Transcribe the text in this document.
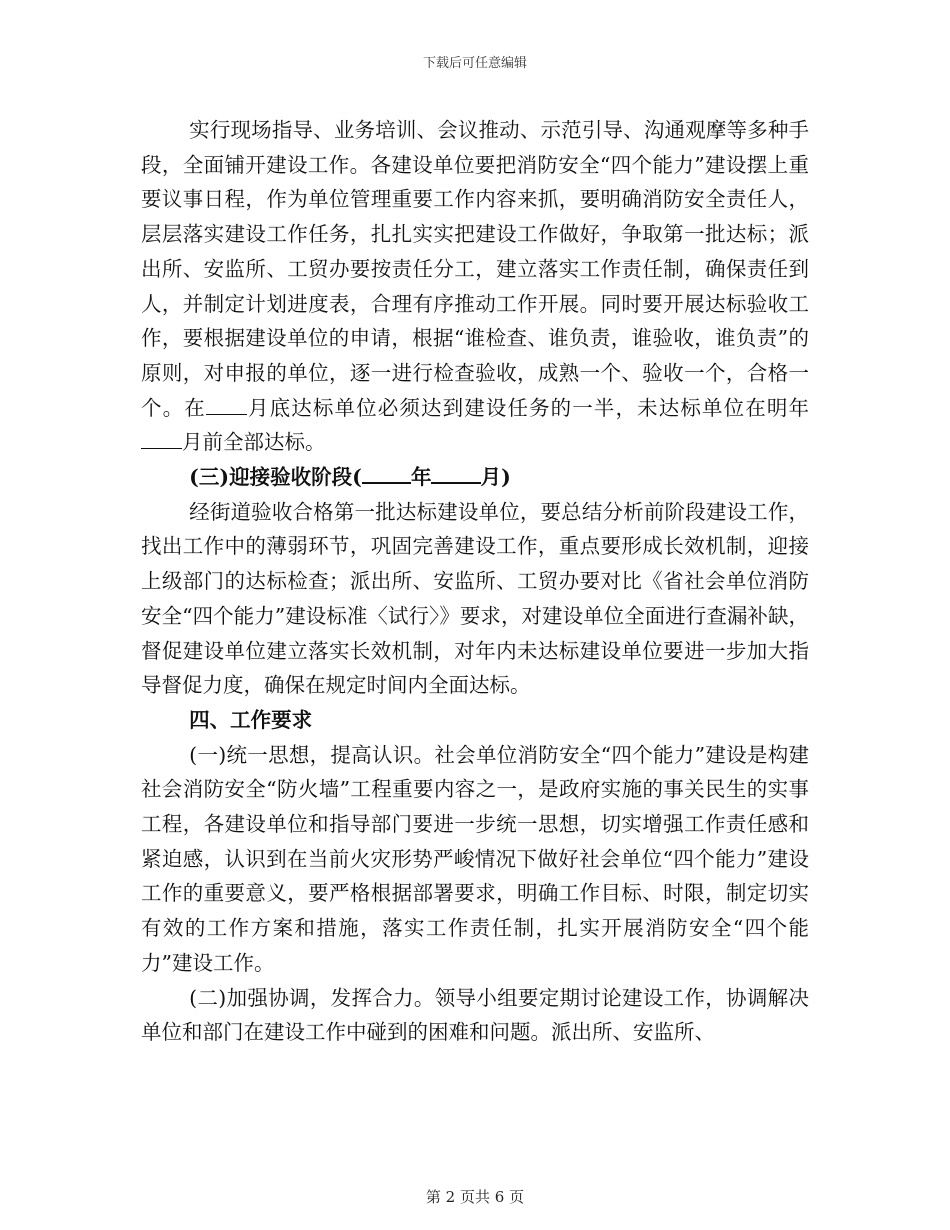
下载后可任意编辑

实行现场指导、业务培训、会议推动、示范引导、沟通观摩等多种手段，全面铺开建设工作。各建设单位要把消防安全“四个能力”建设摆上重要议事日程，作为单位管理重要工作内容来抓，要明确消防安全责任人，层层落实建设工作任务，扎扎实实把建设工作做好，争取第一批达标；派出所、安监所、工贸办要按责任分工，建立落实工作责任制，确保责任到人，并制定计划进度表，合理有序推动工作开展。同时要开展达标验收工作，要根据建设单位的申请，根据“谁检查、谁负责，谁验收，谁负责”的原则，对申报的单位，逐一进行检查验收，成熟一个、验收一个，合格一个。在 月底达标单位必须达到建设任务的一半，未达标单位在明年月前全部达标。

(三)迎接验收阶段( 年 月)

经街道验收合格第一批达标建设单位，要总结分析前阶段建设工作，找出工作中的薄弱环节，巩固完善建设工作，重点要形成长效机制，迎接上级部门的达标检查；派出所、安监所、工贸办要对比《省社会单位消防安全“四个能力”建设标准〈试行〉》要求，对建设单位全面进行查漏补缺，督促建设单位建立落实长效机制，对年内未达标建设单位要进一步加大指导督促力度，确保在规定时间内全面达标。

四、工作要求

(一)统一思想，提高认识。社会单位消防安全“四个能力”建设是构建社会消防安全“防火墙”工程重要内容之一，是政府实施的事关民生的实事工程，各建设单位和指导部门要进一步统一思想，切实增强工作责任感和紧迫感，认识到在当前火灾形势严峻情况下做好社会单位“四个能力”建设工作的重要意义，要严格根据部署要求，明确工作目标、时限，制定切实有效的工作方案和措施，落实工作责任制，扎实开展消防安全“四个能力”建设工作。

(二)加强协调，发挥合力。领导小组要定期讨论建设工作，协调解决单位和部门在建设工作中碰到的困难和问题。派出所、安监所、

第 2 页共 6 页
